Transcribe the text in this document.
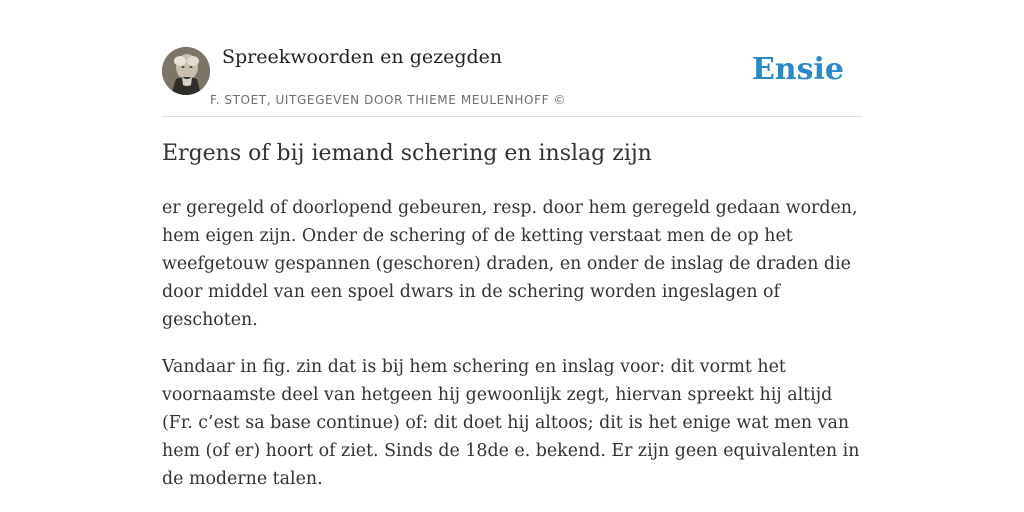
Spreekwoorden en gezegden
F. STOET, UITGEGEVEN DOOR THIEME MEULENHOFF ©
Ensie
Ergens of bij iemand schering en inslag zijn

er geregeld of doorlopend gebeuren, resp. door hem geregeld gedaan worden, hem eigen zijn. Onder de schering of de ketting verstaat men de op het weefgetouw gespannen (geschoren) draden, en onder de inslag de draden die door middel van een spoel dwars in de schering worden ingeslagen of geschoten.

Vandaar in fig. zin dat is bij hem schering en inslag voor: dit vormt het voornaamste deel van hetgeen hij gewoonlijk zegt, hiervan spreekt hij altijd (Fr. c’est sa base continue) of: dit doet hij altoos; dit is het enige wat men van hem (of er) hoort of ziet. Sinds de 18de e. bekend. Er zijn geen equivalenten in de moderne talen.
